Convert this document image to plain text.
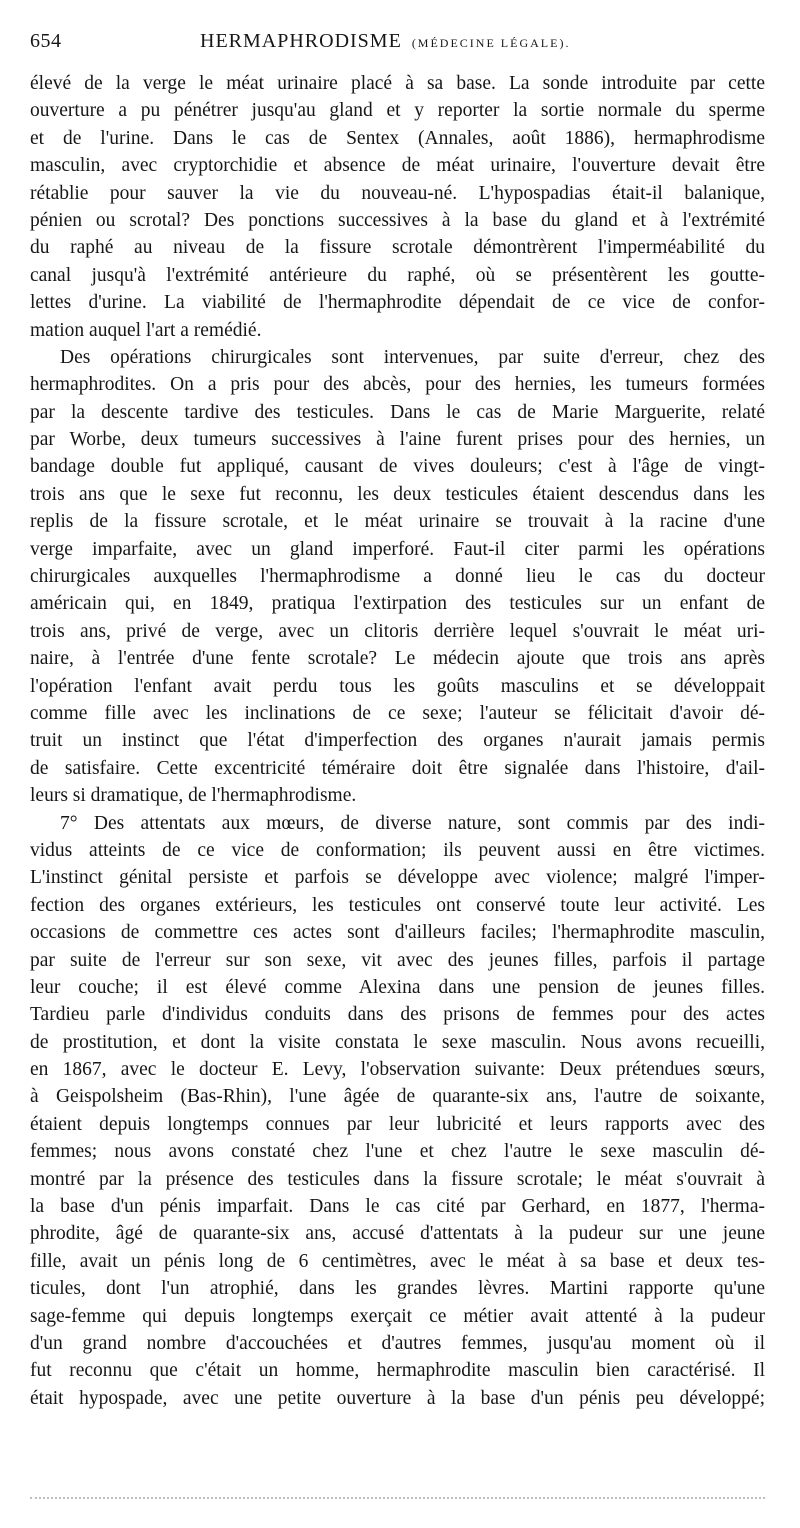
654	HERMAPHRODISME (MÉDECINE LÉGALE).
élevé de la verge le méat urinaire placé à sa base. La sonde introduite par cette
ouverture a pu pénétrer jusqu'au gland et y reporter la sortie normale du sperme
et de l'urine. Dans le cas de Sentex (Annales, août 1886), hermaphrodisme
masculin, avec cryptorchidie et absence de méat urinaire, l'ouverture devait être
rétablie pour sauver la vie du nouveau-né. L'hypospadias était-il balanique,
pénien ou scrotal? Des ponctions successives à la base du gland et à l'extrémité
du raphé au niveau de la fissure scrotale démontrèrent l'imperméabilité du
canal jusqu'à l'extrémité antérieure du raphé, où se présentèrent les goutte-
lettes d'urine. La viabilité de l'hermaphrodite dépendait de ce vice de confor-
mation auquel l'art a remédié.
Des opérations chirurgicales sont intervenues, par suite d'erreur, chez des
hermaphrodites. On a pris pour des abcès, pour des hernies, les tumeurs formées
par la descente tardive des testicules. Dans le cas de Marie Marguerite, relaté
par Worbe, deux tumeurs successives à l'aine furent prises pour des hernies, un
bandage double fut appliqué, causant de vives douleurs; c'est à l'âge de vingt-
trois ans que le sexe fut reconnu, les deux testicules étaient descendus dans les
replis de la fissure scrotale, et le méat urinaire se trouvait à la racine d'une
verge imparfaite, avec un gland imperforé. Faut-il citer parmi les opérations
chirurgicales auxquelles l'hermaphrodisme a donné lieu le cas du docteur
américain qui, en 1849, pratiqua l'extirpation des testicules sur un enfant de
trois ans, privé de verge, avec un clitoris derrière lequel s'ouvrait le méat uri-
naire, à l'entrée d'une fente scrotale? Le médecin ajoute que trois ans après
l'opération l'enfant avait perdu tous les goûts masculins et se développait
comme fille avec les inclinations de ce sexe; l'auteur se félicitait d'avoir dé-
truit un instinct que l'état d'imperfection des organes n'aurait jamais permis
de satisfaire. Cette excentricité téméraire doit être signalée dans l'histoire, d'ail-
leurs si dramatique, de l'hermaphrodisme.
7° Des attentats aux mœurs, de diverse nature, sont commis par des indi-
vidus atteints de ce vice de conformation; ils peuvent aussi en être victimes.
L'instinct génital persiste et parfois se développe avec violence; malgré l'imper-
fection des organes extérieurs, les testicules ont conservé toute leur activité. Les
occasions de commettre ces actes sont d'ailleurs faciles; l'hermaphrodite masculin,
par suite de l'erreur sur son sexe, vit avec des jeunes filles, parfois il partage
leur couche; il est élevé comme Alexina dans une pension de jeunes filles.
Tardieu parle d'individus conduits dans des prisons de femmes pour des actes
de prostitution, et dont la visite constata le sexe masculin. Nous avons recueilli,
en 1867, avec le docteur E. Levy, l'observation suivante: Deux prétendues sœurs,
à Geispolsheim (Bas-Rhin), l'une âgée de quarante-six ans, l'autre de soixante,
étaient depuis longtemps connues par leur lubricité et leurs rapports avec des
femmes; nous avons constaté chez l'une et chez l'autre le sexe masculin dé-
montré par la présence des testicules dans la fissure scrotale; le méat s'ouvrait à
la base d'un pénis imparfait. Dans le cas cité par Gerhard, en 1877, l'herma-
phrodite, âgé de quarante-six ans, accusé d'attentats à la pudeur sur une jeune
fille, avait un pénis long de 6 centimètres, avec le méat à sa base et deux tes-
ticules, dont l'un atrophié, dans les grandes lèvres. Martini rapporte qu'une
sage-femme qui depuis longtemps exerçait ce métier avait attenté à la pudeur
d'un grand nombre d'accouchées et d'autres femmes, jusqu'au moment où il
fut reconnu que c'était un homme, hermaphrodite masculin bien caractérisé. Il
était hypospade, avec une petite ouverture à la base d'un pénis peu développé;
